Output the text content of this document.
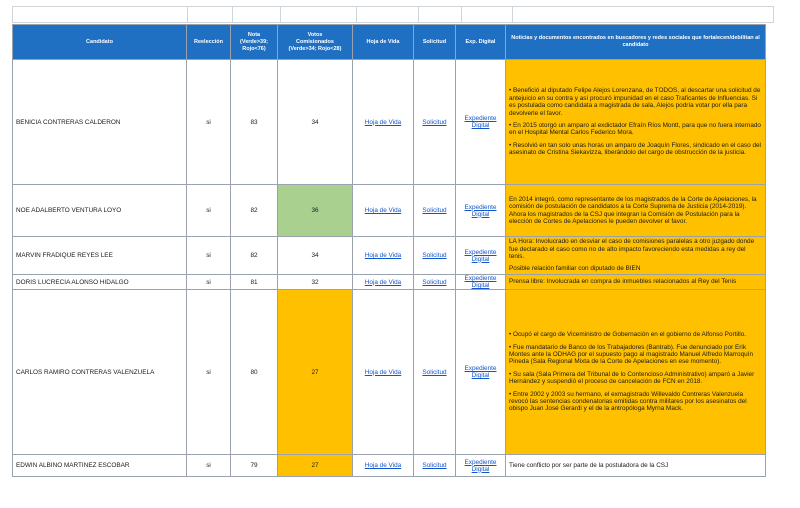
Candidato	Reelección	Nota
(Verde>39;
Rojo<76)	Votos
Comisionados
(Verde>34; Rojo<28)	Hoja de Vida	Solicitud	Exp. Digital	Noticias y documentos encontrados en buscadores y redes sociales que fortalecen/debilitan al candidato
BENICIA CONTRERAS CALDERON	si	83	34	Hoja de Vida	Solicitud	Expediente Digital	• Benefició al diputado Felipe Alejos Lorenzana, de TODOS, al descartar una solicitud de antejuicio en su contra y así procuró impunidad en el caso Traficantes de Influencias. Si es postulada como candidata a magistrada de sala, Alejos podría votar por ella para devolverle el favor.

• En 2015 otorgó un amparo al exdictador Efraín Ríos Montt, para que no fuera internado en el Hospital Mental Carlos Federico Mora.

• Resolvió en tan solo unas horas un amparo de Joaquín Flores, sindicado en el caso del asesinato de Cristina Siekavizza, liberándolo del cargo de obstrucción de la justicia.

NOE ADALBERTO VENTURA LOYO	si	82	36	Hoja de Vida	Solicitud	Expediente Digital	En 2014 integró, como representante de los magistrados de la Corte de Apelaciones, la comisión de postulación de candidatos a la Corte Suprema de Justicia (2014-2019). Ahora los magistrados de la CSJ que integran la Comisión de Postulación para la elección de Cortes de Apelaciones le pueden devolver el favor.

MARVIN FRADIQUE REYES LEE	si	82	34	Hoja de Vida	Solicitud	Expediente Digital	LA Hora: Involucrado en desviar el caso de comisiones paralelas a otro juzgado donde fue declarado el caso como no de alto impacto favoreciendo esta medidas a rey del tenis.

Posible relación familiar con diputado de BIEN

DORIS LUCRECIA ALONSO HIDALGO	si	81	32	Hoja de Vida	Solicitud	Expediente Digital	Prensa libre: Involucrada en compra de inmuebles relacionados al Rey del Tenis

CARLOS RAMIRO CONTRERAS VALENZUELA	si	80	27	Hoja de Vida	Solicitud	Expediente Digital	• Ocupó el cargo de Viceministro de Gobernación en el gobierno de Alfonso Portillo.

• Fue mandatario de Banco de los Trabajadores (Bantrab). Fue denunciado por Erik Montes ante la ODHAG por el supuesto pago al magistrado Manuel Alfredo Marroquín Pineda (Sala Regional Mixta de la Corte de Apelaciones en ese momento).

• Su sala (Sala Primera del Tribunal de lo Contencioso Administrativo) amparó a Javier Hernández y suspendió el proceso de cancelación de FCN en 2018.

• Entre 2002 y 2003 su hermano, el exmagistrado Willevaldo Contreras Valenzuela revocó las sentencias condenatorias emitidas contra militares por los asesinatos del obispo Juan José Gerardi y el de la antropóloga Myrna Mack.

EDWIN ALBINO MARTINEZ ESCOBAR	si	79	27	Hoja de Vida	Solicitud	Expediente Digital	Tiene conflicto por ser parte de la postuladora de la CSJ
